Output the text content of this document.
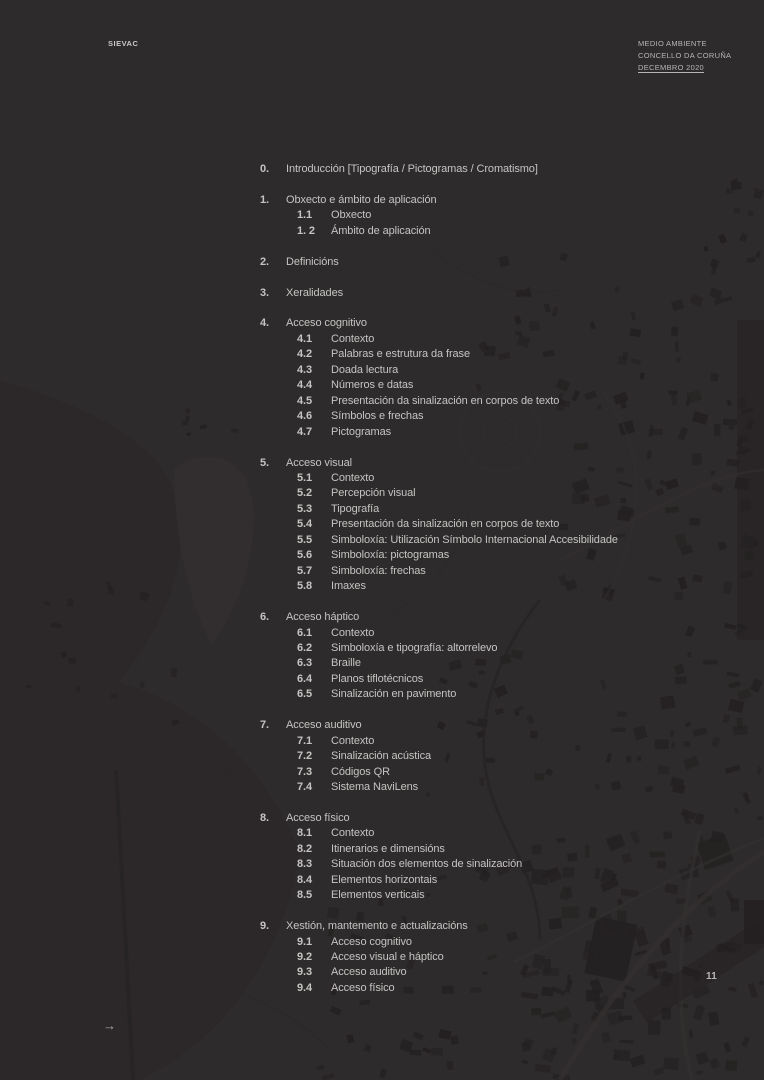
SIEVAC	MEDIO AMBIENTE
CONCELLO DA CORUÑA
DECEMBRO 2020
0.	Introducción [Tipografía / Pictogramas / Cromatismo]
1.	Obxecto e ámbito de aplicación
1.1	Obxecto
1. 2	Ámbito de aplicación
2.	Definicións
3.	Xeralidades
4.	Acceso cognitivo
4.1	Contexto
4.2	Palabras e estrutura da frase
4.3	Doada lectura
4.4	Números e datas
4.5	Presentación da sinalización en corpos de texto
4.6	Símbolos e frechas
4.7	Pictogramas
5.	Acceso visual
5.1	Contexto
5.2	Percepción visual
5.3	Tipografía
5.4	Presentación da sinalización en corpos de texto
5.5	Simboloxía: Utilización Símbolo Internacional Accesibilidade
5.6	Simboloxía: pictogramas
5.7	Simboloxía: frechas
5.8	Imaxes
6.	Acceso háptico
6.1	Contexto
6.2	Simboloxía e tipografía: altorrelevo
6.3	Braille
6.4	Planos tiflotécnicos
6.5	Sinalización en pavimento
7.	Acceso auditivo
7.1	Contexto
7.2	Sinalización acústica
7.3	Códigos QR
7.4	Sistema NaviLens
8.	Acceso físico
8.1	Contexto
8.2	Itinerarios e dimensións
8.3	Situación dos elementos de sinalización
8.4	Elementos horizontais
8.5	Elementos verticais
9.	Xestión, mantemento e actualizacións
9.1	Acceso cognitivo
9.2	Acceso visual e háptico
9.3	Acceso auditivo
9.4	Acceso físico
11
→
